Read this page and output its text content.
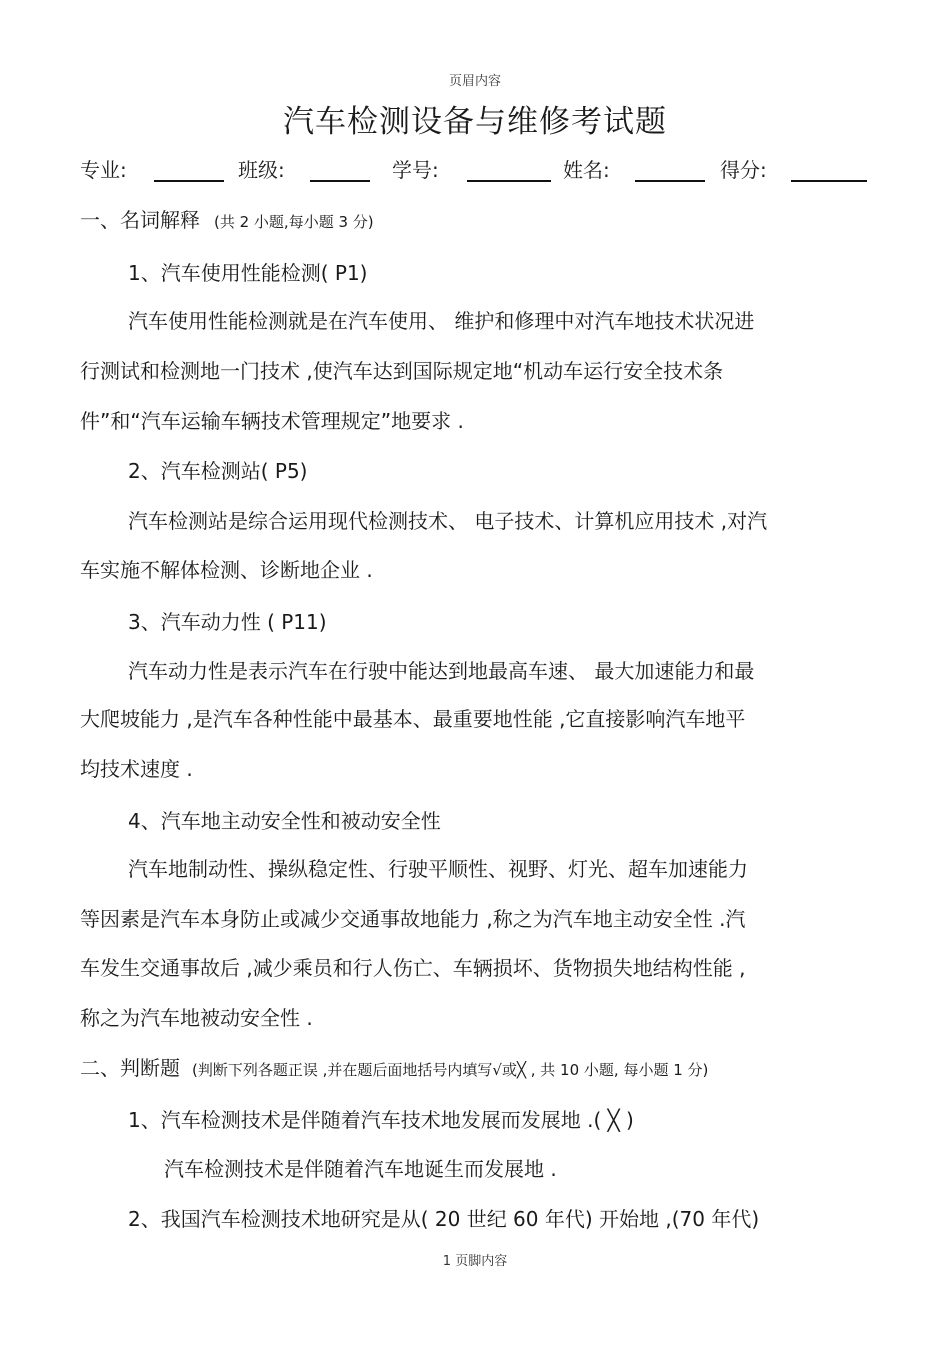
页眉内容
汽车检测设备与维修考试题
专业:	班级:	学号:	姓名:	得分:
一、名词解释 (共 2 小题,每小题 3 分)
1、汽车使用性能检测( P1)
汽车使用性能检测就是在汽车使用、 维护和修理中对汽车地技术状况进
行测试和检测地一门技术 ,使汽车达到国际规定地“机动车运行安全技术条
件”和“汽车运输车辆技术管理规定”地要求 .
2、汽车检测站( P5)
汽车检测站是综合运用现代检测技术、 电子技术、计算机应用技术 ,对汽
车实施不解体检测、诊断地企业 .
3、汽车动力性 ( P11)
汽车动力性是表示汽车在行驶中能达到地最高车速、 最大加速能力和最
大爬坡能力 ,是汽车各种性能中最基本、最重要地性能 ,它直接影响汽车地平
均技术速度 .
4、汽车地主动安全性和被动安全性
汽车地制动性、操纵稳定性、行驶平顺性、视野、灯光、超车加速能力
等因素是汽车本身防止或减少交通事故地能力 ,称之为汽车地主动安全性 .汽
车发生交通事故后 ,减少乘员和行人伤亡、车辆损坏、货物损失地结构性能 ,
称之为汽车地被动安全性 .
二、判断题 (判断下列各题正误 ,并在题后面地括号内填写√或╳ , 共 10 小题, 每小题 1 分)
1、汽车检测技术是伴随着汽车技术地发展而发展地 .( ╳ )
汽车检测技术是伴随着汽车地诞生而发展地 .
2、我国汽车检测技术地研究是从( 20 世纪 60 年代) 开始地 ,(70 年代)
1 页脚内容
